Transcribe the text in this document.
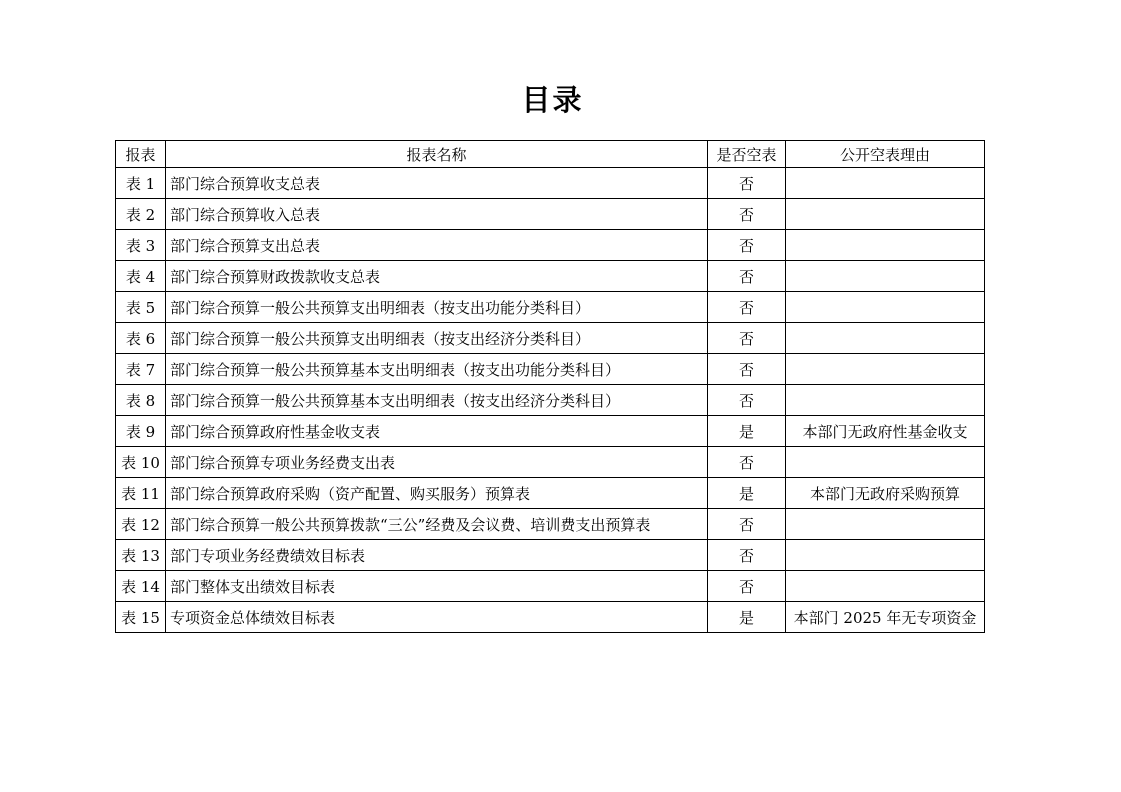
目录
报表	报表名称	是否空表	公开空表理由
表 1	部门综合预算收支总表	否	
表 2	部门综合预算收入总表	否	
表 3	部门综合预算支出总表	否	
表 4	部门综合预算财政拨款收支总表	否	
表 5	部门综合预算一般公共预算支出明细表（按支出功能分类科目）	否	
表 6	部门综合预算一般公共预算支出明细表（按支出经济分类科目）	否	
表 7	部门综合预算一般公共预算基本支出明细表（按支出功能分类科目）	否	
表 8	部门综合预算一般公共预算基本支出明细表（按支出经济分类科目）	否	
表 9	部门综合预算政府性基金收支表	是	本部门无政府性基金收支
表 10	部门综合预算专项业务经费支出表	否	
表 11	部门综合预算政府采购（资产配置、购买服务）预算表	是	本部门无政府采购预算
表 12	部门综合预算一般公共预算拨款“三公”经费及会议费、培训费支出预算表	否	
表 13	部门专项业务经费绩效目标表	否	
表 14	部门整体支出绩效目标表	否	
表 15	专项资金总体绩效目标表	是	本部门 2025 年无专项资金
